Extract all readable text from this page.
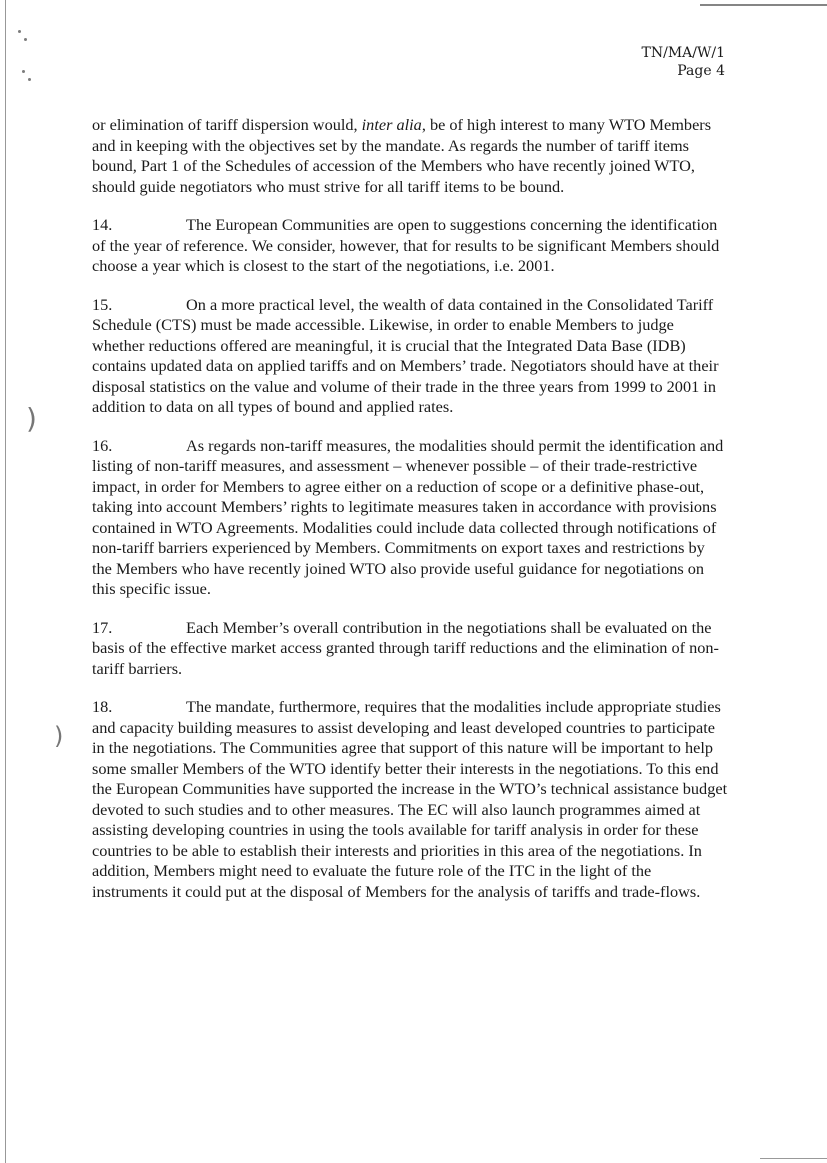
)
)
TN/MA/W/1
Page 4

or elimination of tariff dispersion would, inter alia, be of high interest to many WTO Members and in keeping with the objectives set by the mandate. As regards the number of tariff items bound, Part 1 of the Schedules of accession of the Members who have recently joined WTO, should guide negotiators who must strive for all tariff items to be bound.

14.	The European Communities are open to suggestions concerning the identification of the year of reference. We consider, however, that for results to be significant Members should choose a year which is closest to the start of the negotiations, i.e. 2001.

15.	On a more practical level, the wealth of data contained in the Consolidated Tariff Schedule (CTS) must be made accessible. Likewise, in order to enable Members to judge whether reductions offered are meaningful, it is crucial that the Integrated Data Base (IDB) contains updated data on applied tariffs and on Members’ trade. Negotiators should have at their disposal statistics on the value and volume of their trade in the three years from 1999 to 2001 in addition to data on all types of bound and applied rates.

16.	As regards non-tariff measures, the modalities should permit the identification and listing of non-tariff measures, and assessment – whenever possible – of their trade-restrictive impact, in order for Members to agree either on a reduction of scope or a definitive phase-out, taking into account Members’ rights to legitimate measures taken in accordance with provisions contained in WTO Agreements. Modalities could include data collected through notifications of non-tariff barriers experienced by Members. Commitments on export taxes and restrictions by the Members who have recently joined WTO also provide useful guidance for negotiations on this specific issue.

17.	Each Member’s overall contribution in the negotiations shall be evaluated on the basis of the effective market access granted through tariff reductions and the elimination of non-tariff barriers.

18.	The mandate, furthermore, requires that the modalities include appropriate studies and capacity building measures to assist developing and least developed countries to participate in the negotiations. The Communities agree that support of this nature will be important to help some smaller Members of the WTO identify better their interests in the negotiations. To this end the European Communities have supported the increase in the WTO’s technical assistance budget devoted to such studies and to other measures. The EC will also launch programmes aimed at assisting developing countries in using the tools available for tariff analysis in order for these countries to be able to establish their interests and priorities in this area of the negotiations. In addition, Members might need to evaluate the future role of the ITC in the light of the instruments it could put at the disposal of Members for the analysis of tariffs and trade-flows.
